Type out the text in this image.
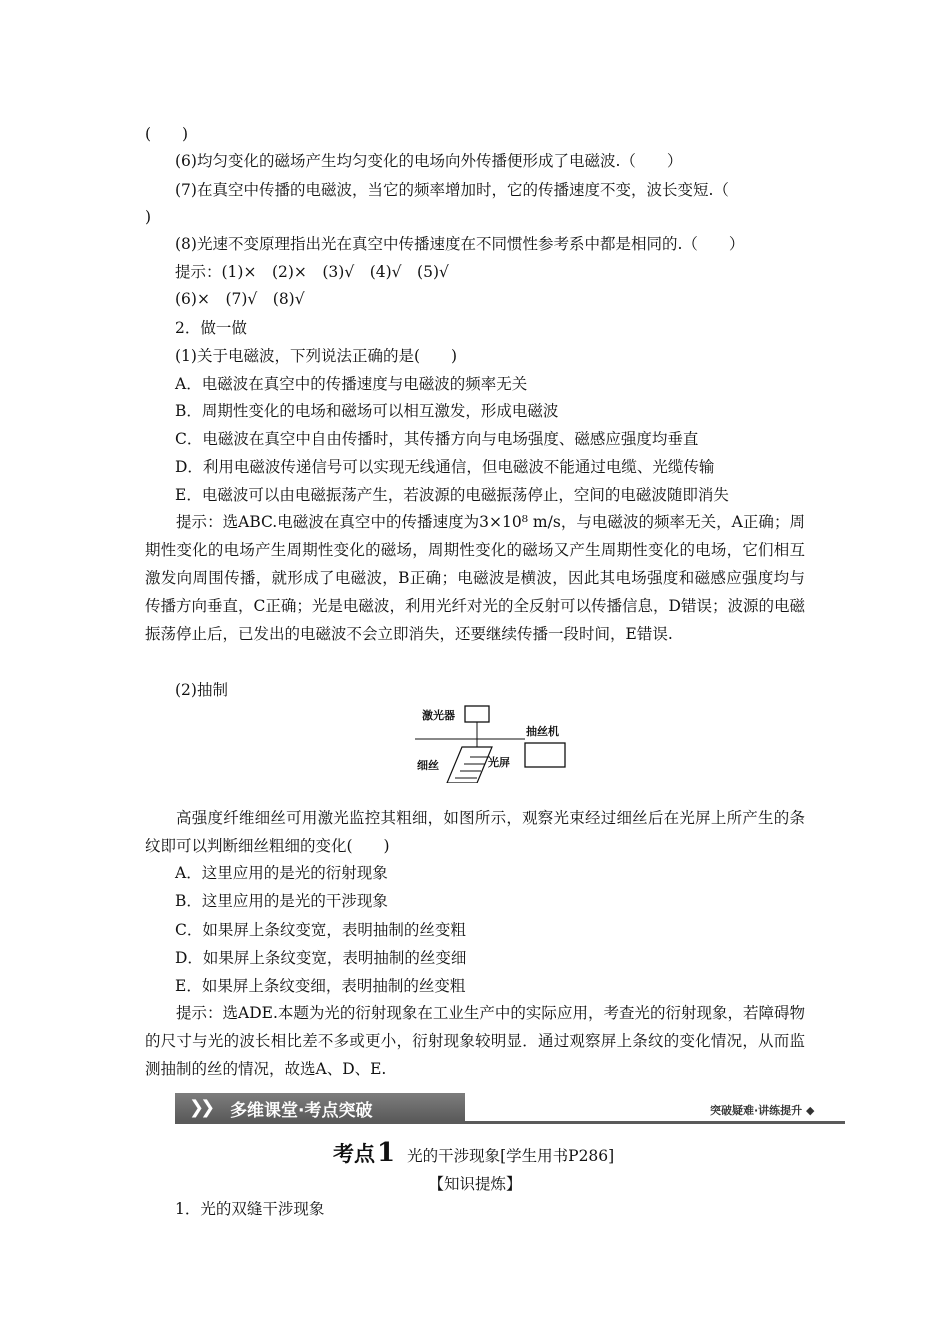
(　　)
(6)均匀变化的磁场产生均匀变化的电场向外传播便形成了电磁波.（　　）
(7)在真空中传播的电磁波，当它的频率增加时，它的传播速度不变，波长变短.（
)
(8)光速不变原理指出光在真空中传播速度在不同惯性参考系中都是相同的.（　　）
提示：(1)×　(2)×　(3)√　(4)√　(5)√
(6)×　(7)√　(8)√
2．做一做
(1)关于电磁波，下列说法正确的是(　　)
A．电磁波在真空中的传播速度与电磁波的频率无关
B．周期性变化的电场和磁场可以相互激发，形成电磁波
C．电磁波在真空中自由传播时，其传播方向与电场强度、磁感应强度均垂直
D．利用电磁波传递信号可以实现无线通信，但电磁波不能通过电缆、光缆传输
E．电磁波可以由电磁振荡产生，若波源的电磁振荡停止，空间的电磁波随即消失
提示：选ABC.电磁波在真空中的传播速度为3×10⁸ m/s，与电磁波的频率无关，A正确；周期性变化的电场产生周期性变化的磁场，周期性变化的磁场又产生周期性变化的电场，它们相互激发向周围传播，就形成了电磁波，B正确；电磁波是横波，因此其电场强度和磁感应强度均与传播方向垂直，C正确；光是电磁波，利用光纤对光的全反射可以传播信息，D错误；波源的电磁振荡停止后，已发出的电磁波不会立即消失，还要继续传播一段时间，E错误.
(2)抽制
激光器
抽丝机
细丝	光屏
高强度纤维细丝可用激光监控其粗细，如图所示，观察光束经过细丝后在光屏上所产生的条纹即可以判断细丝粗细的变化(　　)
A．这里应用的是光的衍射现象
B．这里应用的是光的干涉现象
C．如果屏上条纹变宽，表明抽制的丝变粗
D．如果屏上条纹变宽，表明抽制的丝变细
E．如果屏上条纹变细，表明抽制的丝变粗
提示：选ADE.本题为光的衍射现象在工业生产中的实际应用，考查光的衍射现象，若障碍物的尺寸与光的波长相比差不多或更小，衍射现象较明显．通过观察屏上条纹的变化情况，从而监测抽制的丝的情况，故选A、D、E.
❯❯ 多维课堂·考点突破	突破疑难·讲练提升 ◆
考点1 光的干涉现象[学生用书P286]
【知识提炼】
1．光的双缝干涉现象
